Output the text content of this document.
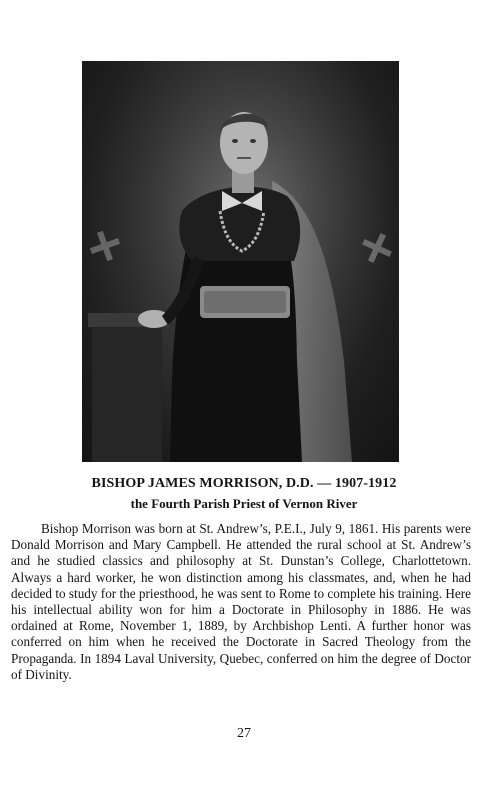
BISHOP JAMES MORRISON, D.D. — 1907-1912
the Fourth Parish Priest of Vernon River

Bishop Morrison was born at St. Andrew’s, P.E.I., July 9, 1861. His parents were Donald Morrison and Mary Campbell. He attended the rural school at St. Andrew’s and he studied classics and philosophy at St. Dunstan’s College, Charlottetown. Always a hard worker, he won distinction among his classmates, and, when he had decided to study for the priesthood, he was sent to Rome to complete his training. Here his intellectual ability won for him a Doctorate in Philosophy in 1886. He was ordained at Rome, November 1, 1889, by Archbishop Lenti. A further honor was conferred on him when he received the Doctorate in Sacred Theology from the Propaganda. In 1894 Laval University, Quebec, conferred on him the degree of Doctor of Divinity.

27
